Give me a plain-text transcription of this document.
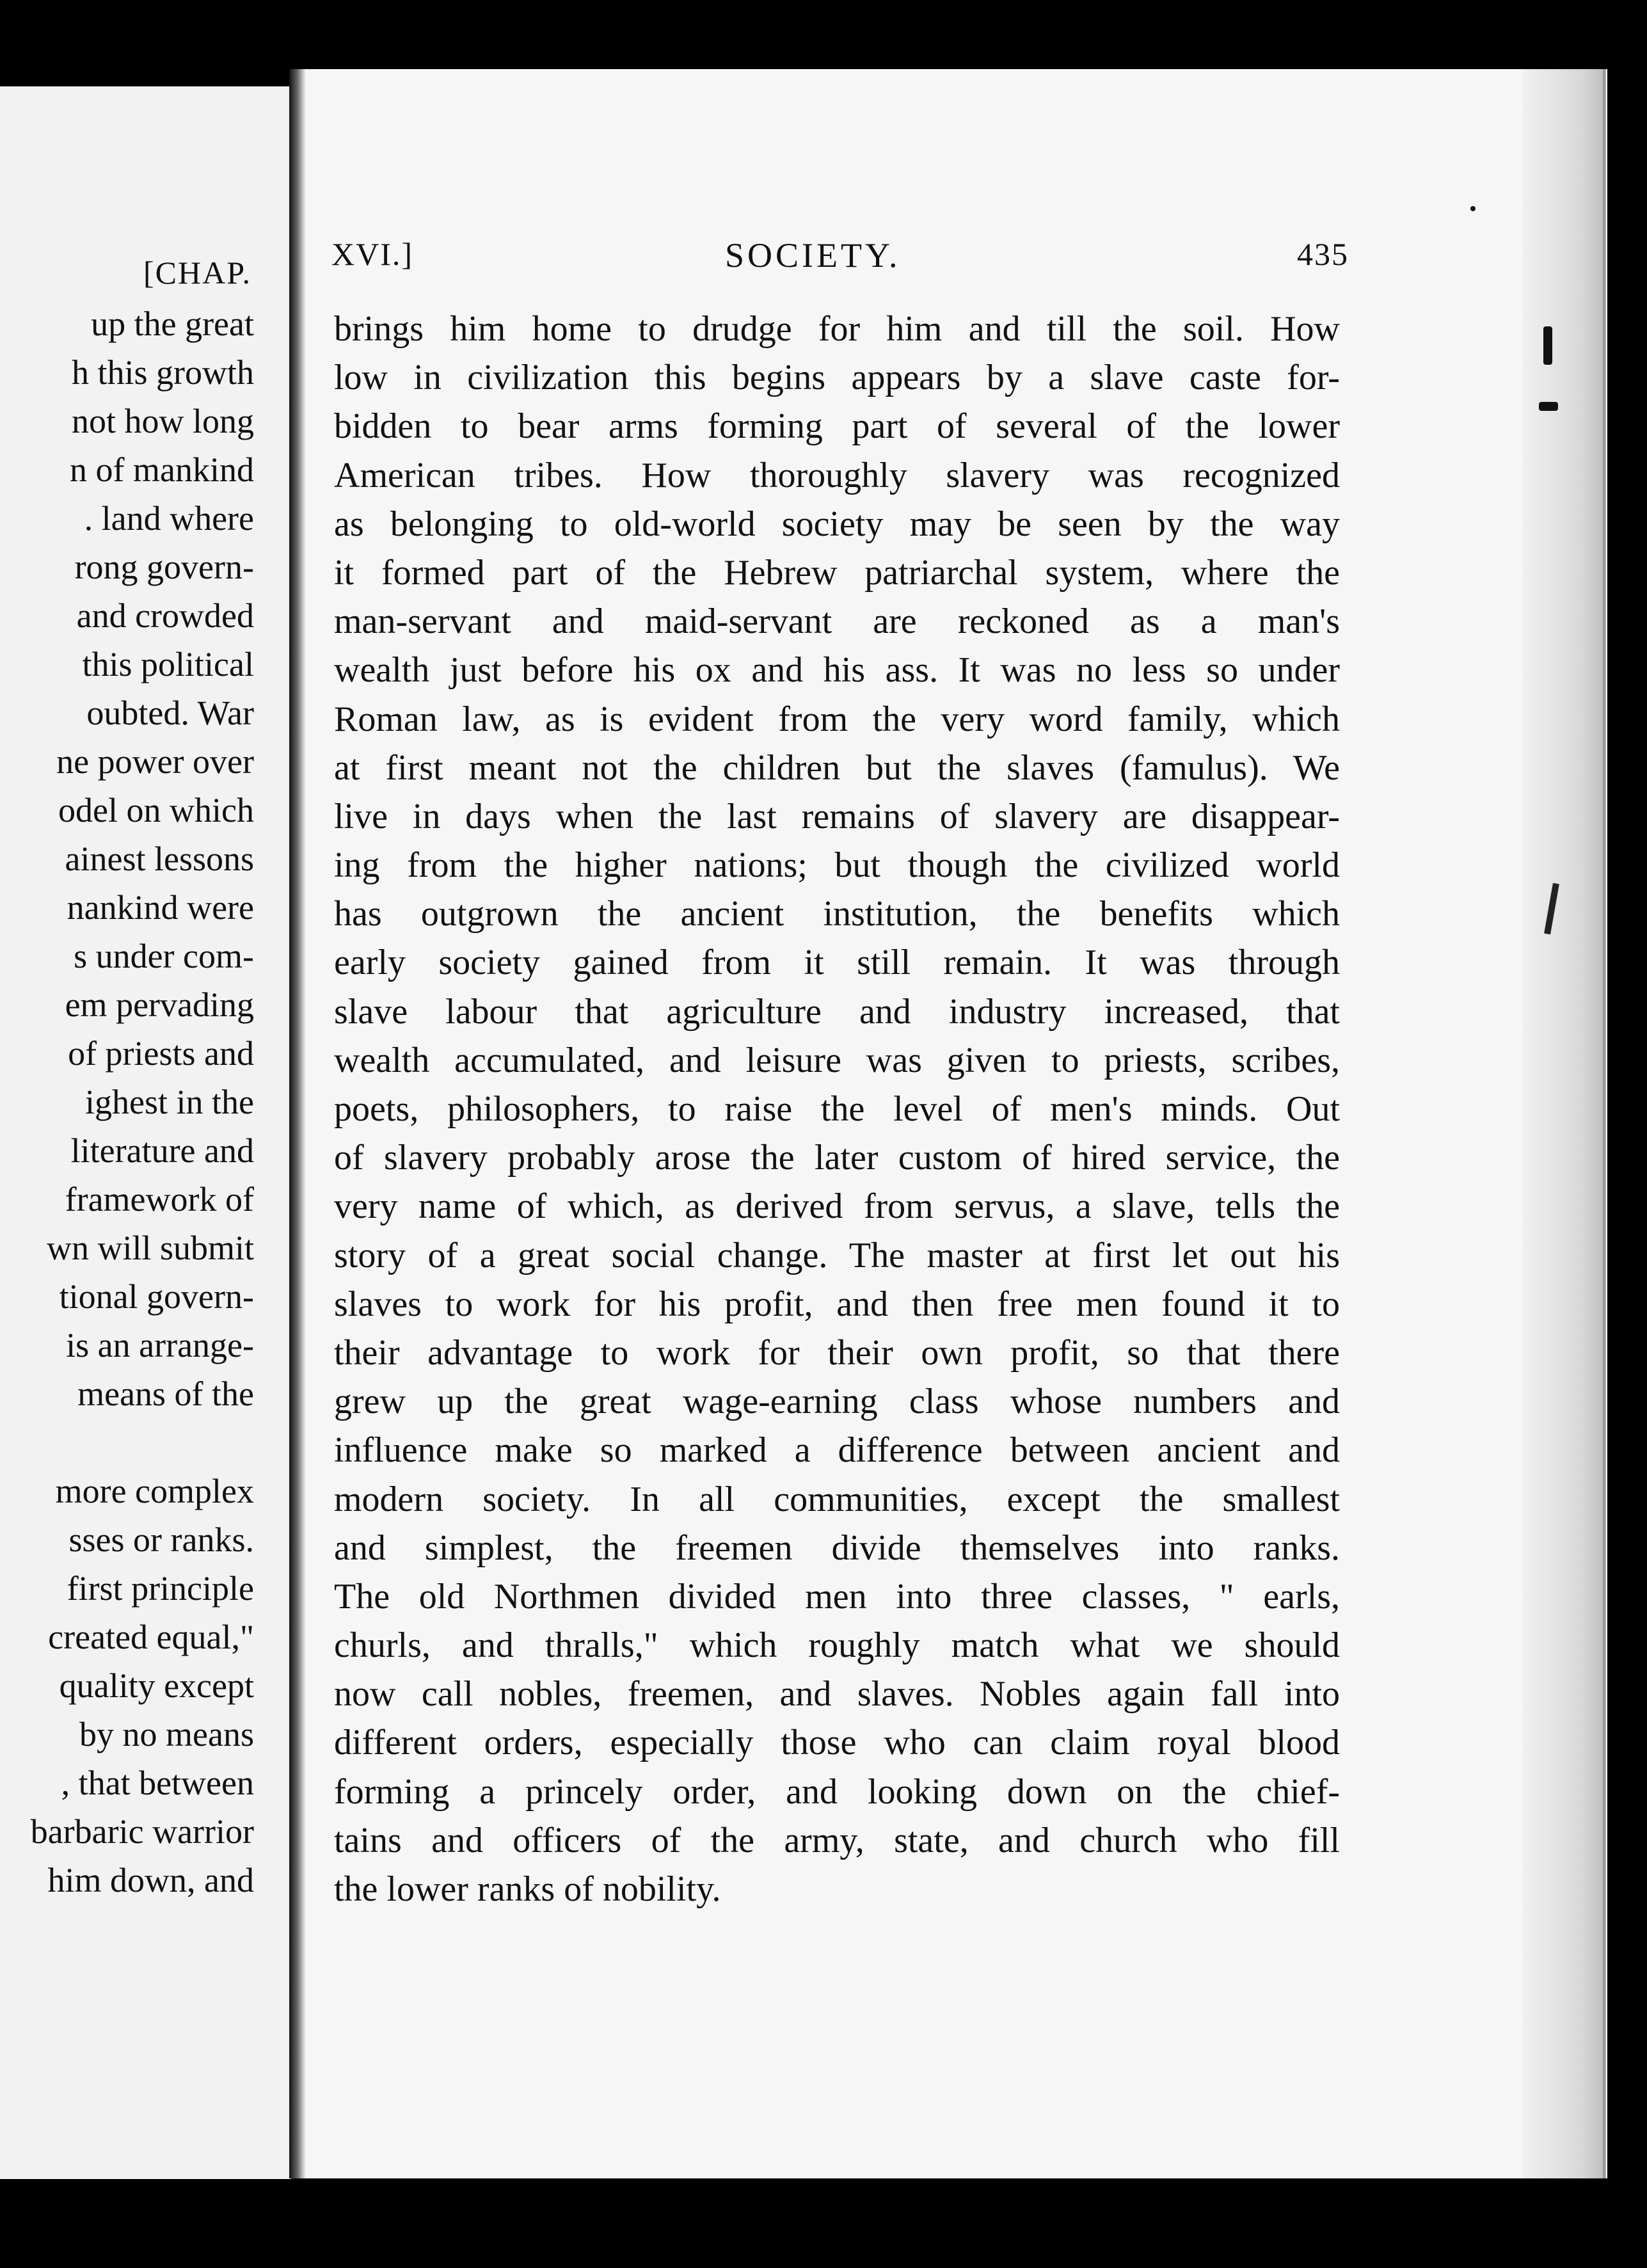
[CHAP.
up the great
h this growth
not how long
n of mankind
. land where
rong govern-
and crowded
this political
oubted. War
ne power over
odel on which
ainest lessons
nankind were
s under com-
em pervading
of priests and
ighest in the
literature and
framework of
wn will submit
tional govern-
is an arrange-
means of the
more complex
sses or ranks.
first principle
created equal,"
quality except
by no means
, that between
barbaric warrior
him down, and
XVI.]	SOCIETY.	435
brings him home to drudge for him and till the soil. How
low in civilization this begins appears by a slave caste for-
bidden to bear arms forming part of several of the lower
American tribes. How thoroughly slavery was recognized
as belonging to old-world society may be seen by the way
it formed part of the Hebrew patriarchal system, where the
man-servant and maid-servant are reckoned as a man's
wealth just before his ox and his ass. It was no less so under
Roman law, as is evident from the very word family, which
at first meant not the children but the slaves (famulus). We
live in days when the last remains of slavery are disappear-
ing from the higher nations; but though the civilized world
has outgrown the ancient institution, the benefits which
early society gained from it still remain. It was through
slave labour that agriculture and industry increased, that
wealth accumulated, and leisure was given to priests, scribes,
poets, philosophers, to raise the level of men's minds. Out
of slavery probably arose the later custom of hired service, the
very name of which, as derived from servus, a slave, tells the
story of a great social change. The master at first let out his
slaves to work for his profit, and then free men found it to
their advantage to work for their own profit, so that there
grew up the great wage-earning class whose numbers and
influence make so marked a difference between ancient and
modern society. In all communities, except the smallest
and simplest, the freemen divide themselves into ranks.
The old Northmen divided men into three classes, " earls,
churls, and thralls," which roughly match what we should
now call nobles, freemen, and slaves. Nobles again fall into
different orders, especially those who can claim royal blood
forming a princely order, and looking down on the chief-
tains and officers of the army, state, and church who fill
the lower ranks of nobility.
